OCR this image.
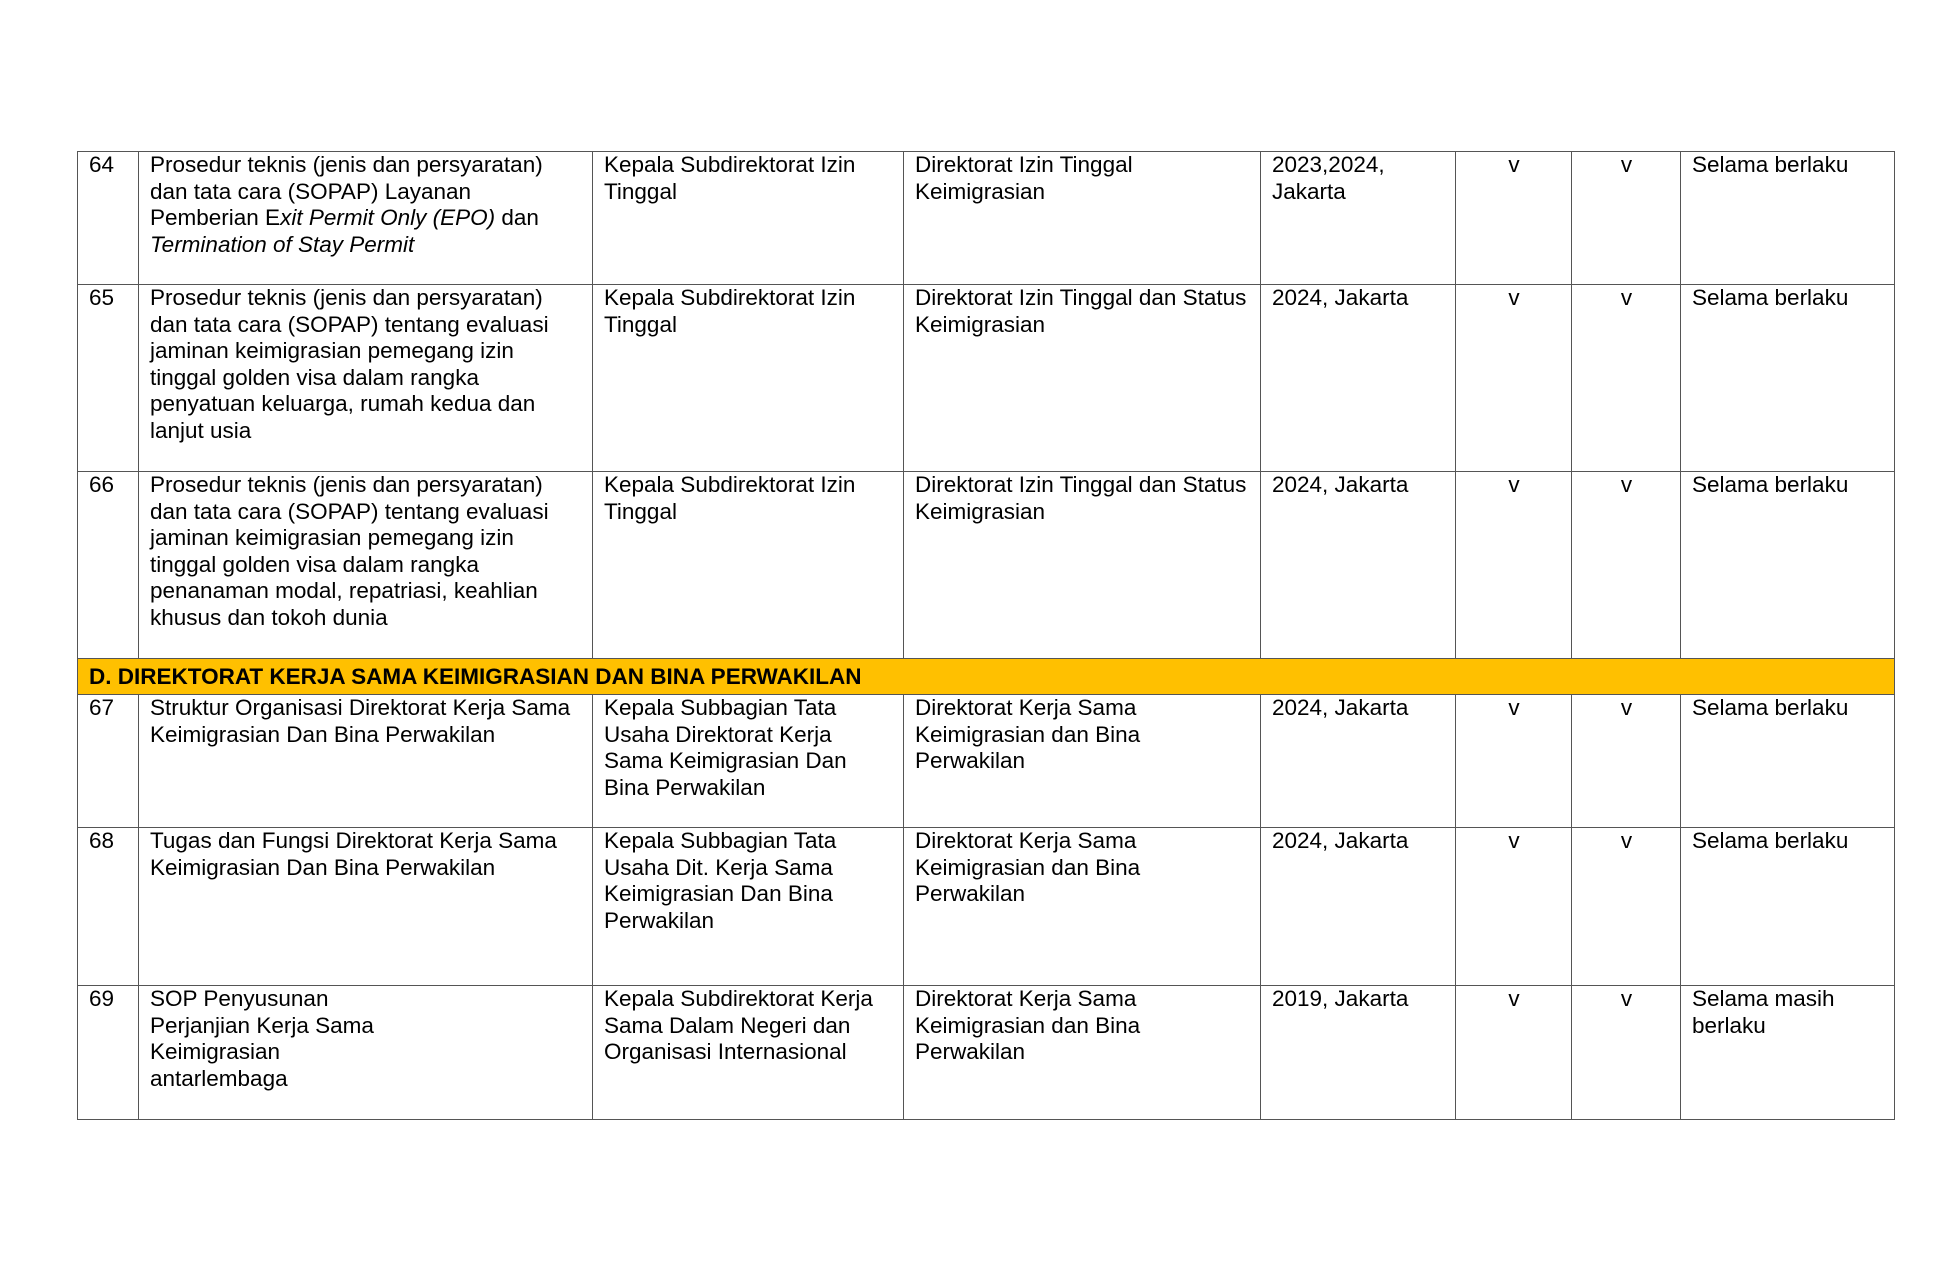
64	Prosedur teknis (jenis dan persyaratan) dan tata cara (SOPAP) Layanan Pemberian Exit Permit Only (EPO) dan Termination of Stay Permit	Kepala Subdirektorat Izin Tinggal	Direktorat Izin Tinggal Keimigrasian	2023,2024, Jakarta	v	v	Selama berlaku
65	Prosedur teknis (jenis dan persyaratan) dan tata cara (SOPAP) tentang evaluasi jaminan keimigrasian pemegang izin tinggal golden visa dalam rangka penyatuan keluarga, rumah kedua dan lanjut usia	Kepala Subdirektorat Izin Tinggal	Direktorat Izin Tinggal dan Status Keimigrasian	2024, Jakarta	v	v	Selama berlaku
66	Prosedur teknis (jenis dan persyaratan) dan tata cara (SOPAP) tentang evaluasi jaminan keimigrasian pemegang izin tinggal golden visa dalam rangka penanaman modal, repatriasi, keahlian khusus dan tokoh dunia	Kepala Subdirektorat Izin Tinggal	Direktorat Izin Tinggal dan Status Keimigrasian	2024, Jakarta	v	v	Selama berlaku
D. DIREKTORAT KERJA SAMA KEIMIGRASIAN DAN BINA PERWAKILAN							
67	Struktur Organisasi Direktorat Kerja Sama Keimigrasian Dan Bina Perwakilan	Kepala Subbagian Tata Usaha Direktorat Kerja Sama Keimigrasian Dan Bina Perwakilan	Direktorat Kerja Sama Keimigrasian dan Bina Perwakilan	2024, Jakarta	v	v	Selama berlaku
68	Tugas dan Fungsi Direktorat Kerja Sama Keimigrasian Dan Bina Perwakilan	Kepala Subbagian Tata Usaha Dit. Kerja Sama Keimigrasian Dan Bina Perwakilan	Direktorat Kerja Sama Keimigrasian dan Bina Perwakilan	2024, Jakarta	v	v	Selama berlaku
69	SOP Penyusunan
Perjanjian Kerja Sama
Keimigrasian
antarlembaga	Kepala Subdirektorat Kerja Sama Dalam Negeri dan Organisasi Internasional	Direktorat Kerja Sama Keimigrasian dan Bina Perwakilan	2019, Jakarta	v	v	Selama masih berlaku
